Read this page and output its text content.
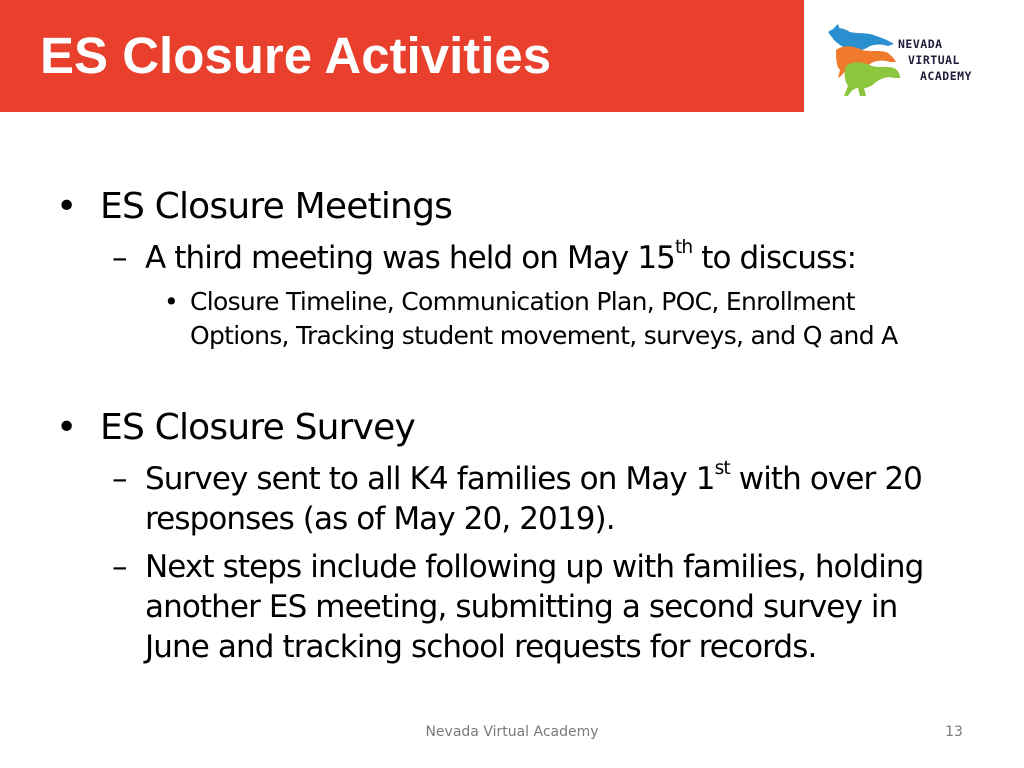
ES Closure Activities	NEVADA
VIRTUAL
ACADEMY
• ES Closure Meetings
– A third meeting was held on May 15th to discuss:
• Closure Timeline, Communication Plan, POC, Enrollment
Options, Tracking student movement, surveys, and Q and A
• ES Closure Survey
– Survey sent to all K4 families on May 1st with over 20
responses (as of May 20, 2019).
– Next steps include following up with families, holding
another ES meeting, submitting a second survey in
June and tracking school requests for records.
Nevada Virtual Academy	13
